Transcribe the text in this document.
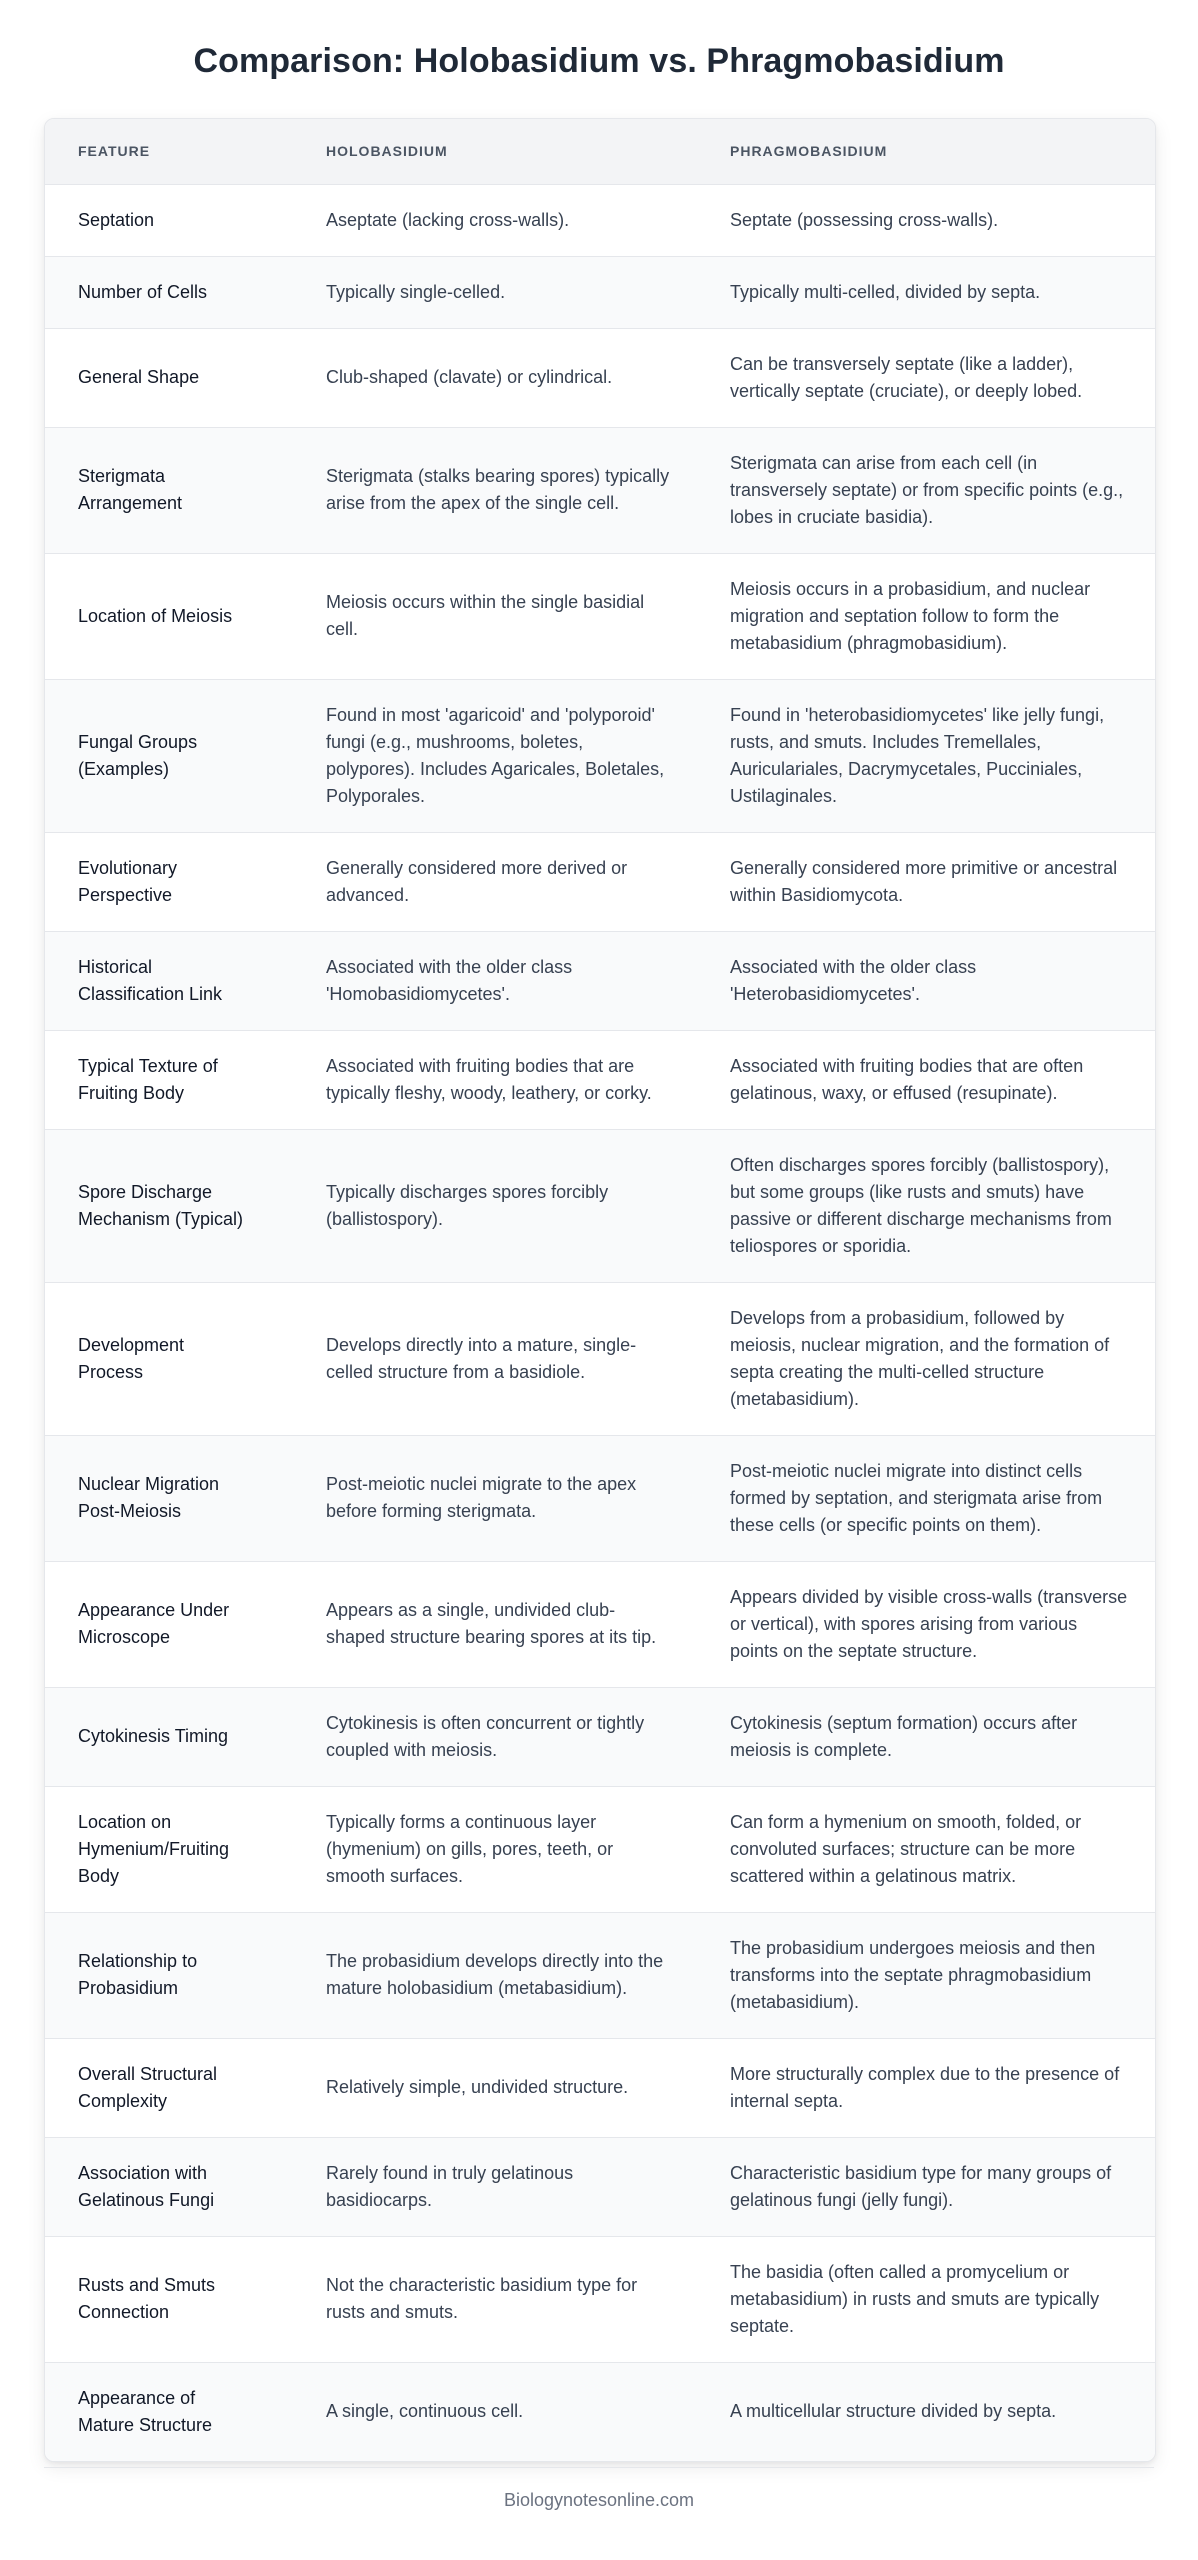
Comparison: Holobasidium vs. Phragmobasidium
FEATURE	HOLOBASIDIUM	PHRAGMOBASIDIUM
Septation	Aseptate (lacking cross-walls).	Septate (possessing cross-walls).
Number of Cells	Typically single-celled.	Typically multi-celled, divided by septa.
General Shape	Club-shaped (clavate) or cylindrical.	Can be transversely septate (like a ladder), vertically septate (cruciate), or deeply lobed.
Sterigmata Arrangement	Sterigmata (stalks bearing spores) typically arise from the apex of the single cell.	Sterigmata can arise from each cell (in transversely septate) or from specific points (e.g., lobes in cruciate basidia).
Location of Meiosis	Meiosis occurs within the single basidial cell.	Meiosis occurs in a probasidium, and nuclear migration and septation follow to form the metabasidium (phragmobasidium).
Fungal Groups (Examples)	Found in most 'agaricoid' and 'polyporoid' fungi (e.g., mushrooms, boletes, polypores). Includes Agaricales, Boletales, Polyporales.	Found in 'heterobasidiomycetes' like jelly fungi, rusts, and smuts. Includes Tremellales, Auriculariales, Dacrymycetales, Pucciniales, Ustilaginales.
Evolutionary Perspective	Generally considered more derived or advanced.	Generally considered more primitive or ancestral within Basidiomycota.
Historical Classification Link	Associated with the older class 'Homobasidiomycetes'.	Associated with the older class 'Heterobasidiomycetes'.
Typical Texture of Fruiting Body	Associated with fruiting bodies that are typically fleshy, woody, leathery, or corky.	Associated with fruiting bodies that are often gelatinous, waxy, or effused (resupinate).
Spore Discharge Mechanism (Typical)	Typically discharges spores forcibly (ballistospory).	Often discharges spores forcibly (ballistospory), but some groups (like rusts and smuts) have passive or different discharge mechanisms from teliospores or sporidia.
Development Process	Develops directly into a mature, single-celled structure from a basidiole.	Develops from a probasidium, followed by meiosis, nuclear migration, and the formation of septa creating the multi-celled structure (metabasidium).
Nuclear Migration Post-Meiosis	Post-meiotic nuclei migrate to the apex before forming sterigmata.	Post-meiotic nuclei migrate into distinct cells formed by septation, and sterigmata arise from these cells (or specific points on them).
Appearance Under Microscope	Appears as a single, undivided club-shaped structure bearing spores at its tip.	Appears divided by visible cross-walls (transverse or vertical), with spores arising from various points on the septate structure.
Cytokinesis Timing	Cytokinesis is often concurrent or tightly coupled with meiosis.	Cytokinesis (septum formation) occurs after meiosis is complete.
Location on Hymenium/Fruiting Body	Typically forms a continuous layer (hymenium) on gills, pores, teeth, or smooth surfaces.	Can form a hymenium on smooth, folded, or convoluted surfaces; structure can be more scattered within a gelatinous matrix.
Relationship to Probasidium	The probasidium develops directly into the mature holobasidium (metabasidium).	The probasidium undergoes meiosis and then transforms into the septate phragmobasidium (metabasidium).
Overall Structural Complexity	Relatively simple, undivided structure.	More structurally complex due to the presence of internal septa.
Association with Gelatinous Fungi	Rarely found in truly gelatinous basidiocarps.	Characteristic basidium type for many groups of gelatinous fungi (jelly fungi).
Rusts and Smuts Connection	Not the characteristic basidium type for rusts and smuts.	The basidia (often called a promycelium or metabasidium) in rusts and smuts are typically septate.
Appearance of Mature Structure	A single, continuous cell.	A multicellular structure divided by septa.
Biologynotesonline.com
